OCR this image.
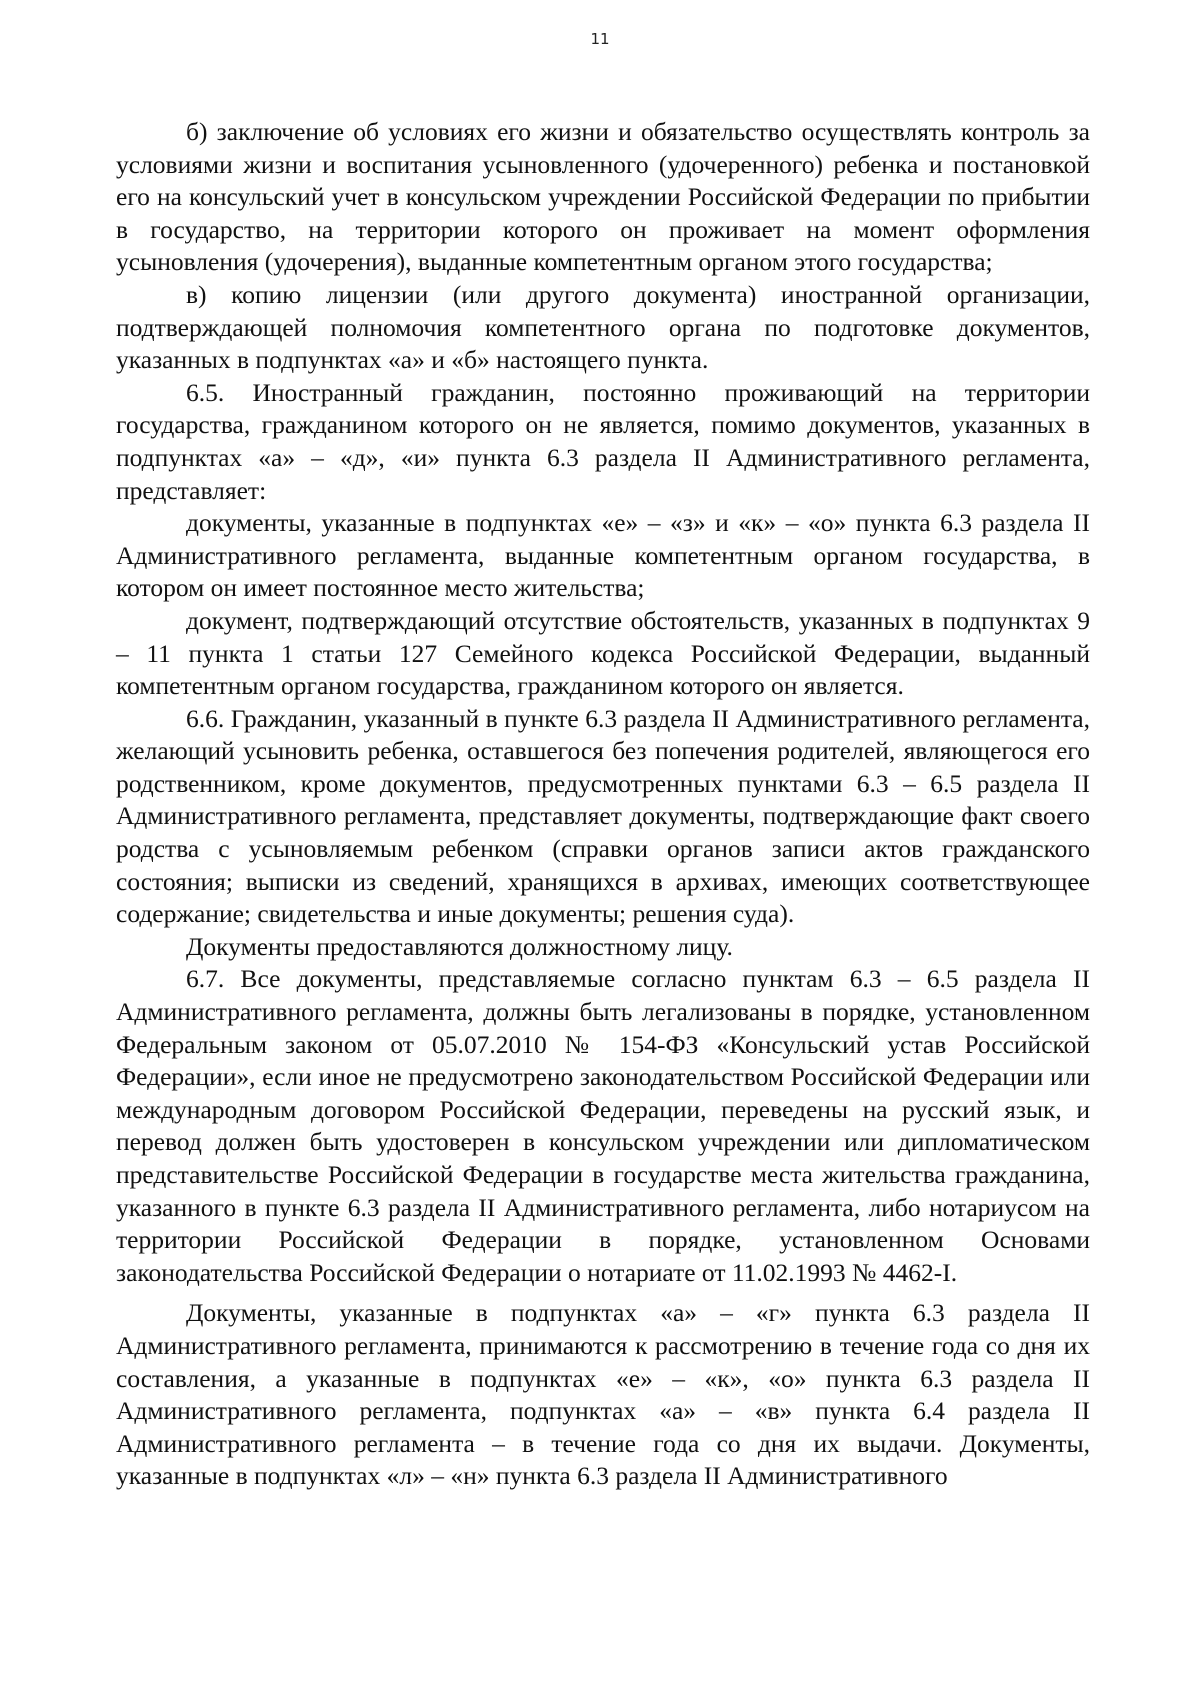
11

б) заключение об условиях его жизни и обязательство осуществлять контроль за условиями жизни и воспитания усыновленного (удочеренного) ребенка и постановкой его на консульский учет в консульском учреждении Российской Федерации по прибытии в государство, на территории которого он проживает на момент оформления усыновления (удочерения), выданные компетентным органом этого государства;

в) копию лицензии (или другого документа) иностранной организации, подтверждающей полномочия компетентного органа по подготовке документов, указанных в подпунктах «а» и «б» настоящего пункта.

6.5. Иностранный гражданин, постоянно проживающий на территории государства, гражданином которого он не является, помимо документов, указанных в подпунктах «а» – «д», «и» пункта 6.3 раздела II Административного регламента, представляет:

документы, указанные в подпунктах «е» – «з» и «к» – «о» пункта 6.3 раздела II Административного регламента, выданные компетентным органом государства, в котором он имеет постоянное место жительства;

документ, подтверждающий отсутствие обстоятельств, указанных в подпунктах 9 – 11 пункта 1 статьи 127 Семейного кодекса Российской Федерации, выданный компетентным органом государства, гражданином которого он является.

6.6. Гражданин, указанный в пункте 6.3 раздела II Административного регламента, желающий усыновить ребенка, оставшегося без попечения родителей, являющегося его родственником, кроме документов, предусмотренных пунктами 6.3 – 6.5 раздела II Административного регламента, представляет документы, подтверждающие факт своего родства с усыновляемым ребенком (справки органов записи актов гражданского состояния; выписки из сведений, хранящихся в архивах, имеющих соответствующее содержание; свидетельства и иные документы; решения суда).

Документы предоставляются должностному лицу.

6.7. Все документы, представляемые согласно пунктам 6.3 – 6.5 раздела II Административного регламента, должны быть легализованы в порядке, установленном Федеральным законом от 05.07.2010 № 154-ФЗ «Консульский устав Российской Федерации», если иное не предусмотрено законодательством Российской Федерации или международным договором Российской Федерации, переведены на русский язык, и перевод должен быть удостоверен в консульском учреждении или дипломатическом представительстве Российской Федерации в государстве места жительства гражданина, указанного в пункте 6.3 раздела II Административного регламента, либо нотариусом на территории Российской Федерации в порядке, установленном Основами законодательства Российской Федерации о нотариате от 11.02.1993 № 4462-I.

Документы, указанные в подпунктах «а» – «г» пункта 6.3 раздела II Административного регламента, принимаются к рассмотрению в течение года со дня их составления, а указанные в подпунктах «е» – «к», «о» пункта 6.3 раздела II Административного регламента, подпунктах «а» – «в» пункта 6.4 раздела II Административного регламента – в течение года со дня их выдачи. Документы, указанные в подпунктах «л» – «н» пункта 6.3 раздела II Административного
